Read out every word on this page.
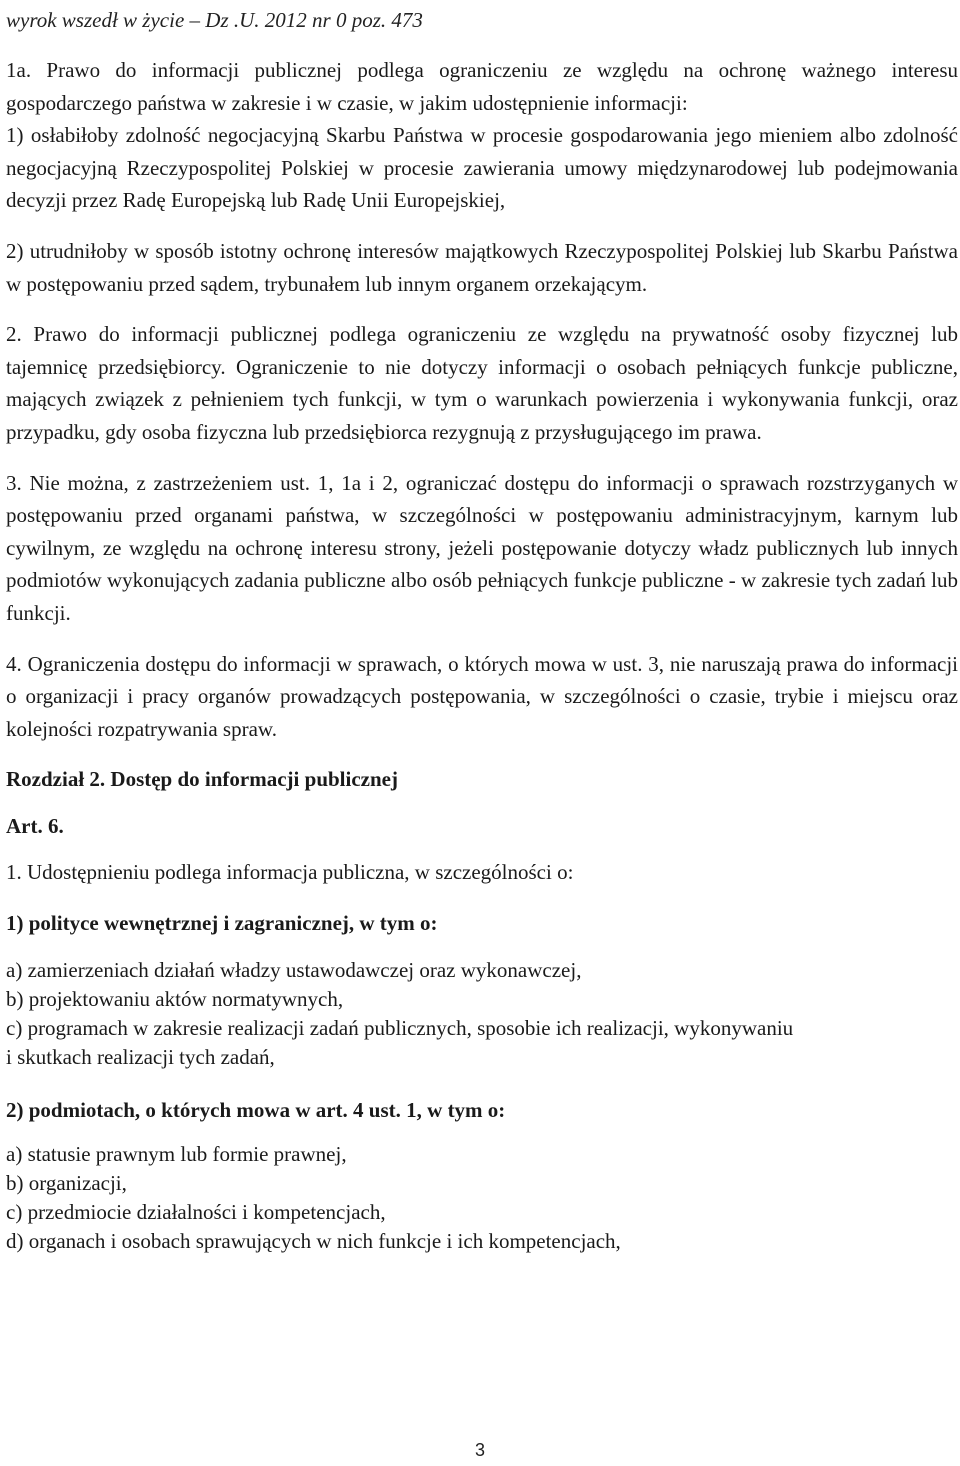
wyrok wszedł w życie – Dz .U. 2012 nr 0 poz. 473

1a. Prawo do informacji publicznej podlega ograniczeniu ze względu na ochronę ważnego interesu gospodarczego państwa w zakresie i w czasie, w jakim udostępnienie informacji:

1) osłabiłoby zdolność negocjacyjną Skarbu Państwa w procesie gospodarowania jego mieniem albo zdolność negocjacyjną Rzeczypospolitej Polskiej w procesie zawierania umowy międzynarodowej lub podejmowania decyzji przez Radę Europejską lub Radę Unii Europejskiej,

2) utrudniłoby w sposób istotny ochronę interesów majątkowych Rzeczypospolitej Polskiej lub Skarbu Państwa w postępowaniu przed sądem, trybunałem lub innym organem orzekającym.

2. Prawo do informacji publicznej podlega ograniczeniu ze względu na prywatność osoby fizycznej lub tajemnicę przedsiębiorcy. Ograniczenie to nie dotyczy informacji o osobach pełniących funkcje publiczne, mających związek z pełnieniem tych funkcji, w tym o warunkach powierzenia i wykonywania funkcji, oraz przypadku, gdy osoba fizyczna lub przedsiębiorca rezygnują z przysługującego im prawa.

3. Nie można, z zastrzeżeniem ust. 1, 1a i 2, ograniczać dostępu do informacji o sprawach rozstrzyganych w postępowaniu przed organami państwa, w szczególności w postępowaniu administracyjnym, karnym lub cywilnym, ze względu na ochronę interesu strony, jeżeli postępowanie dotyczy władz publicznych lub innych podmiotów wykonujących zadania publiczne albo osób pełniących funkcje publiczne - w zakresie tych zadań lub funkcji.

4. Ograniczenia dostępu do informacji w sprawach, o których mowa w ust. 3, nie naruszają prawa do informacji o organizacji i pracy organów prowadzących postępowania, w szczególności o czasie, trybie i miejscu oraz kolejności rozpatrywania spraw.

Rozdział 2. Dostęp do informacji publicznej

Art. 6.

1. Udostępnieniu podlega informacja publiczna, w szczególności o:

1) polityce wewnętrznej i zagranicznej, w tym o:

a) zamierzeniach działań władzy ustawodawczej oraz wykonawczej,

b) projektowaniu aktów normatywnych,

c) programach w zakresie realizacji zadań publicznych, sposobie ich realizacji, wykonywaniu

i skutkach realizacji tych zadań,

2) podmiotach, o których mowa w art. 4 ust. 1, w tym o:

a) statusie prawnym lub formie prawnej,

b) organizacji,

c) przedmiocie działalności i kompetencjach,

d) organach i osobach sprawujących w nich funkcje i ich kompetencjach,

3
